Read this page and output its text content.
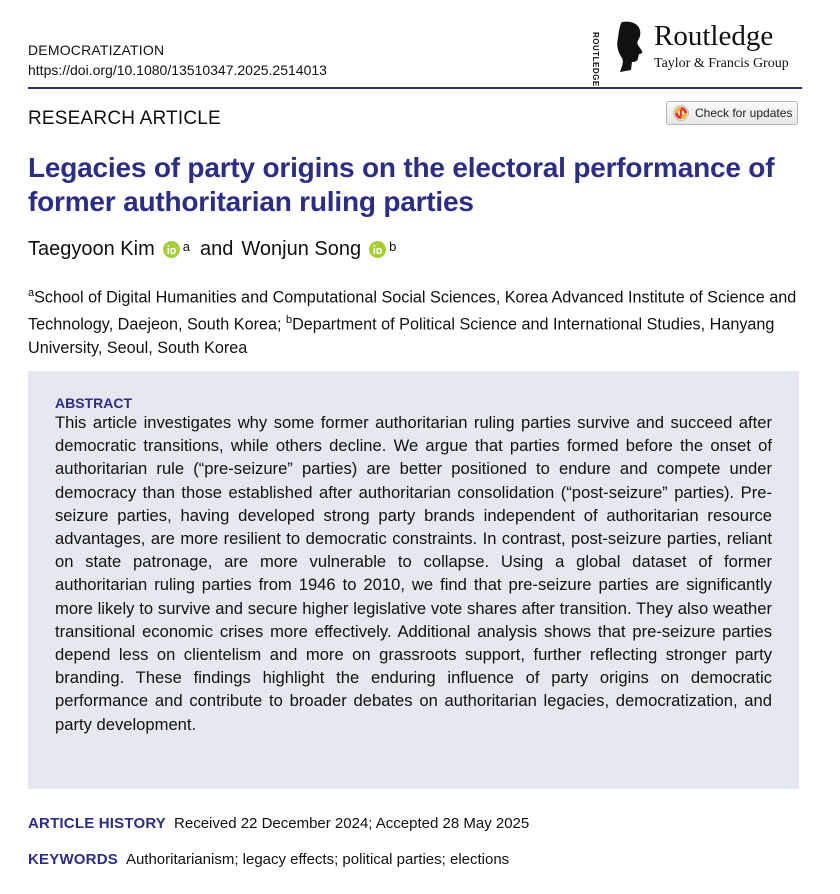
DEMOCRATIZATION
https://doi.org/10.1080/13510347.2025.2514013	ROUTLEDGE Routledge
Taylor & Francis Group
RESEARCH ARTICLE	Check for updates
Legacies of party origins on the electoral performance of former authoritarian ruling parties
Taegyoon Kim $^a$ and Wonjun Song $^b$
$^a$School of Digital Humanities and Computational Social Sciences, Korea Advanced Institute of Science and Technology, Daejeon, South Korea; $^b$Department of Political Science and International Studies, Hanyang University, Seoul, South Korea
ABSTRACT
This article investigates why some former authoritarian ruling parties survive and succeed after democratic transitions, while others decline. We argue that parties formed before the onset of authoritarian rule (“pre-seizure” parties) are better positioned to endure and compete under democracy than those established after authoritarian consolidation (“post-seizure” parties). Pre-seizure parties, having developed strong party brands independent of authoritarian resource advantages, are more resilient to democratic constraints. In contrast, post-seizure parties, reliant on state patronage, are more vulnerable to collapse. Using a global dataset of former authoritarian ruling parties from 1946 to 2010, we find that pre-seizure parties are significantly more likely to survive and secure higher legislative vote shares after transition. They also weather transitional economic crises more effectively. Additional analysis shows that pre-seizure parties depend less on clientelism and more on grassroots support, further reflecting stronger party branding. These findings highlight the enduring influence of party origins on democratic performance and contribute to broader debates on authoritarian legacies, democratization, and party development.
ARTICLE HISTORY Received 22 December 2024; Accepted 28 May 2025
KEYWORDS Authoritarianism; legacy effects; political parties; elections
